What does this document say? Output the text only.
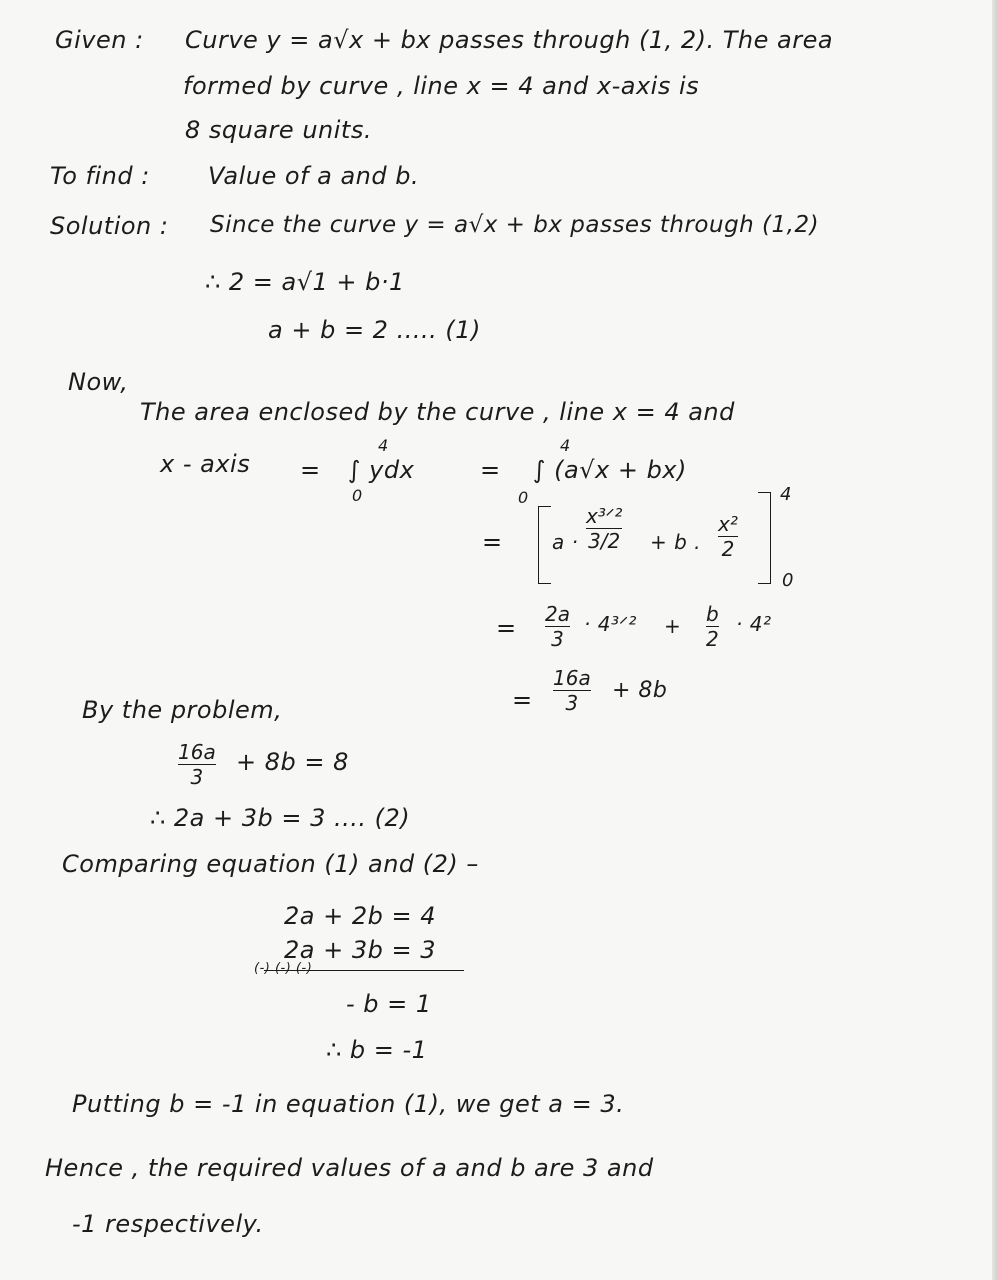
Given : Curve y = a√x + bx passes through (1, 2). The area
formed by curve , line x = 4 and x-axis is
8 square units.
To find : Value of a and b.
Solution : Since the curve y = a√x + bx passes through (1,2)
∴ 2 = a√1 + b·1
a + b = 2 ..... (1)
Now,
The area enclosed by the curve , line x = 4 and
x - axis = ∫ ydx
4
0
= ∫ (a√x + bx)
4
0
= a ·
x³ᐟ²
3/2 + b .
x²
2
4
0
= 2a
3
· 4³ᐟ² + b
2
· 4²
=
16a
3 + 8b
By the problem,
16a
3
+ 8b = 8
∴ 2a + 3b = 3 .... (2)
Comparing equation (1) and (2) –
2a + 2b = 4
2a + 3b = 3
(-) (-) (-)
- b = 1
∴ b = -1
Putting b = -1 in equation (1), we get a = 3.
Hence , the required values of a and b are 3 and
-1 respectively.
